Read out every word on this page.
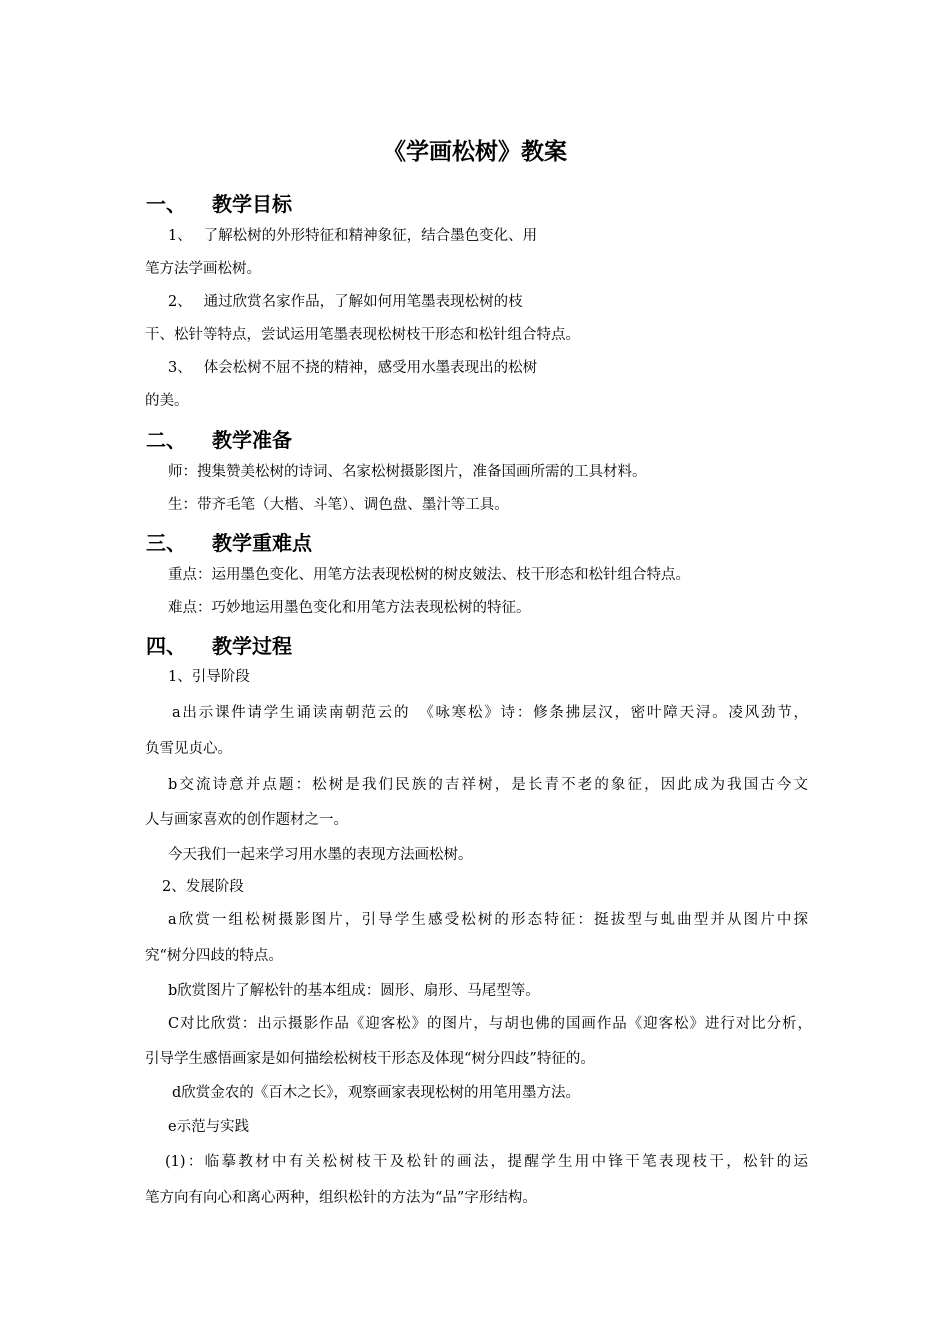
《学画松树》教案
一、 教学目标
1、　 了解松树的外形特征和精神象征，结合墨色变化、用
笔方法学画松树。
2、　 通过欣赏名家作品，了解如何用笔墨表现松树的枝
干、松针等特点，尝试运用笔墨表现松树枝干形态和松针组合特点。
3、　 体会松树不屈不挠的精神，感受用水墨表现出的松树
的美。
二、 教学准备
师：搜集赞美松树的诗词、名家松树摄影图片，准备国画所需的工具材料。
生：带齐毛笔（大楷、斗笔）、调色盘、墨汁等工具。
三、 教学重难点
重点：运用墨色变化、用笔方法表现松树的树皮皴法、枝干形态和松针组合特点。
难点：巧妙地运用墨色变化和用笔方法表现松树的特征。
四、 教学过程
1、引导阶段
a出示课件请学生诵读南朝范云的　《咏寒松》诗：修条拂层汉，密叶障天浔。凌风劲节，
负雪见贞心。
b交流诗意并点题：松树是我们民族的吉祥树，是长青不老的象征，因此成为我国古今文
人与画家喜欢的创作题材之一。
今天我们一起来学习用水墨的表现方法画松树。
2、发展阶段
a欣赏一组松树摄影图片，引导学生感受松树的形态特征：挺拔型与虬曲型并从图片中探
究“树分四歧的特点。
b欣赏图片了解松针的基本组成：圆形、扇形、马尾型等。
C对比欣赏：出示摄影作品《迎客松》的图片，与胡也佛的国画作品《迎客松》进行对比分析，
引导学生感悟画家是如何描绘松树枝干形态及体现“树分四歧”特征的。
d欣赏金农的《百木之长》，观察画家表现松树的用笔用墨方法。
e示范与实践
(1)：临摹教材中有关松树枝干及松针的画法，提醒学生用中锋干笔表现枝干，松针的运
笔方向有向心和离心两种，组织松针的方法为“品”字形结构。
